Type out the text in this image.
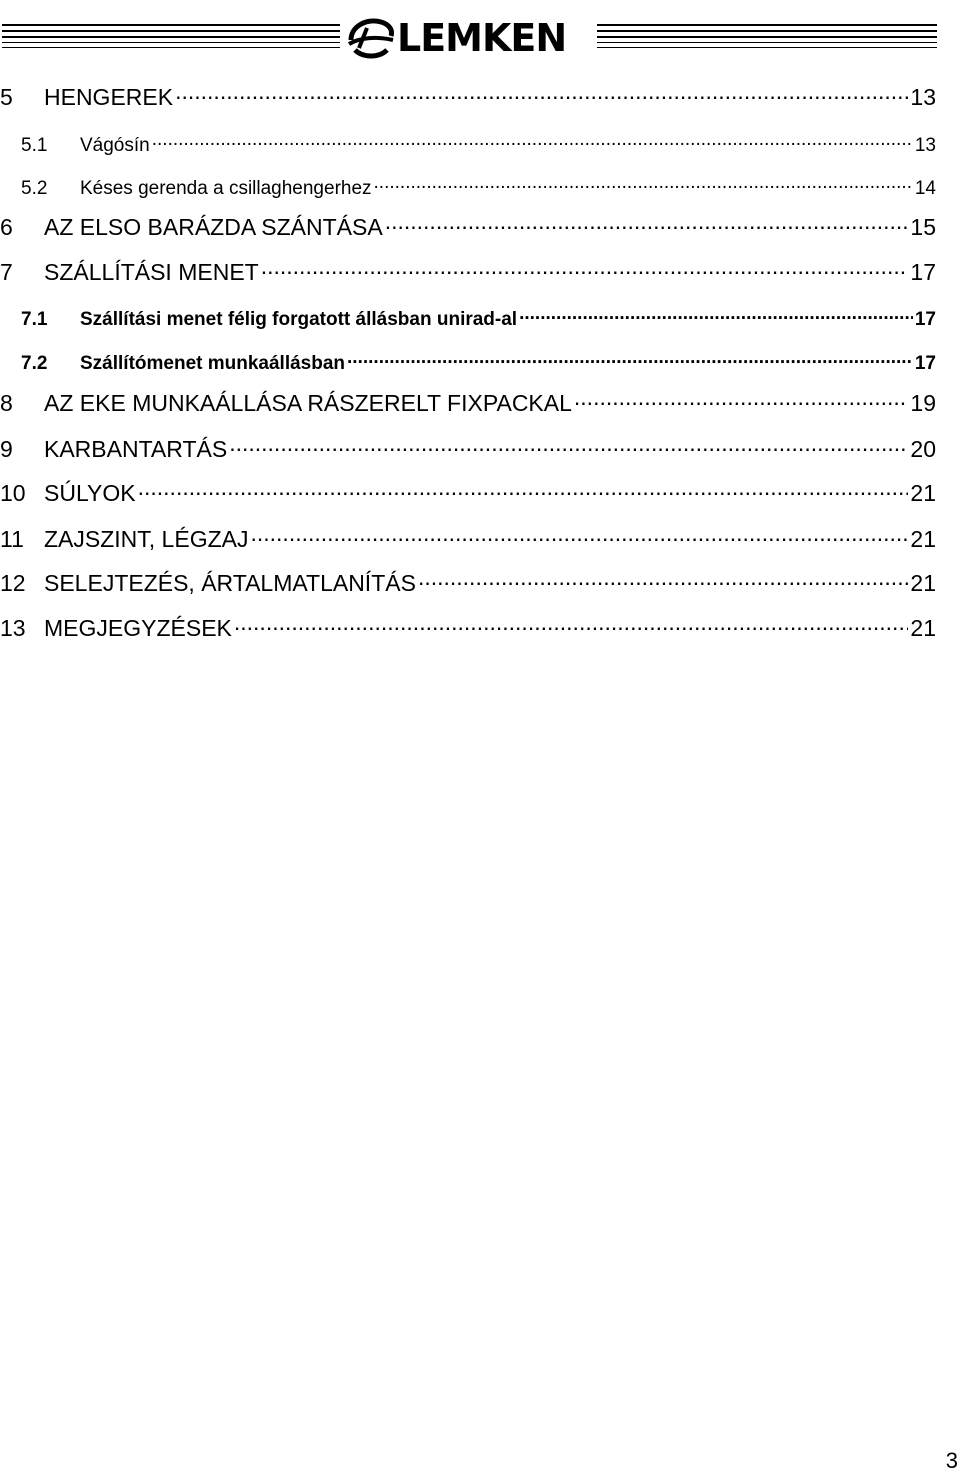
LEMKEN
5	HENGEREK .....	13
5.1	Vágósín .....	13
5.2	Késes gerenda a csillaghengerhez .....	14
6	AZ ELSO BARÁZDA SZÁNTÁSA .....	15
7	SZÁLLÍTÁSI MENET .....	17
7.1	Szállítási menet félig forgatott állásban unirad-al .....	17
7.2	Szállítómenet munkaállásban .....	17
8	AZ EKE MUNKAÁLLÁSA RÁSZERELT FIXPACKAL .....	19
9	KARBANTARTÁS .....	20
10 SÚLYOK .....	21
11 ZAJSZINT, LÉGZAJ .....	21
12 SELEJTEZÉS, ÁRTALMATLANÍTÁS .....	21
13 MEGJEGYZÉSEK .....	21
3
